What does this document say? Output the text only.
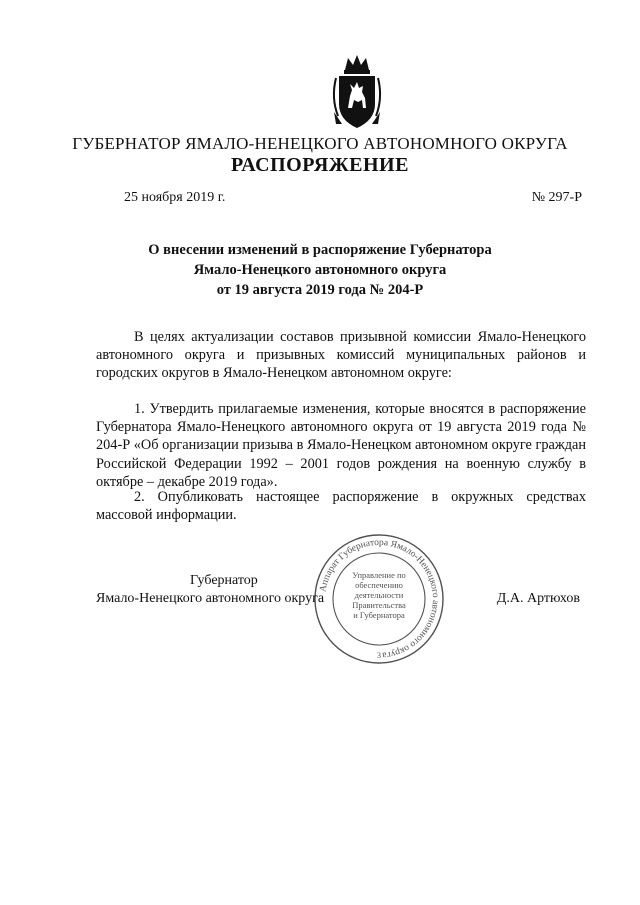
ГУБЕРНАТОР ЯМАЛО-НЕНЕЦКОГО АВТОНОМНОГО ОКРУГА
РАСПОРЯЖЕНИЕ
25 ноября 2019 г.	№ 297-Р
О внесении изменений в распоряжение Губернатора
Ямало-Ненецкого автономного округа
от 19 августа 2019 года № 204-Р
В целях актуализации составов призывной комиссии Ямало-Ненецкого автономного округа и призывных комиссий муниципальных районов и городских округов в Ямало-Ненецком автономном округе:
1. Утвердить прилагаемые изменения, которые вносятся в распоряжение Губернатора Ямало-Ненецкого автономного округа от 19 августа 2019 года № 204-Р «Об организации призыва в Ямало-Ненецком автономном округе граждан Российской Федерации 1992 – 2001 годов рождения на военную службу в октябре – декабре 2019 года».
2. Опубликовать настоящее распоряжение в окружных средствах массовой информации.
Аппарат Губернатора Ямало-Ненецкого автономного округа
Управление по
обеспечению
деятельности
Правительства
и Губернатора
3
Губернатор
Ямало-Ненецкого автономного округа	Д.А. Артюхов
